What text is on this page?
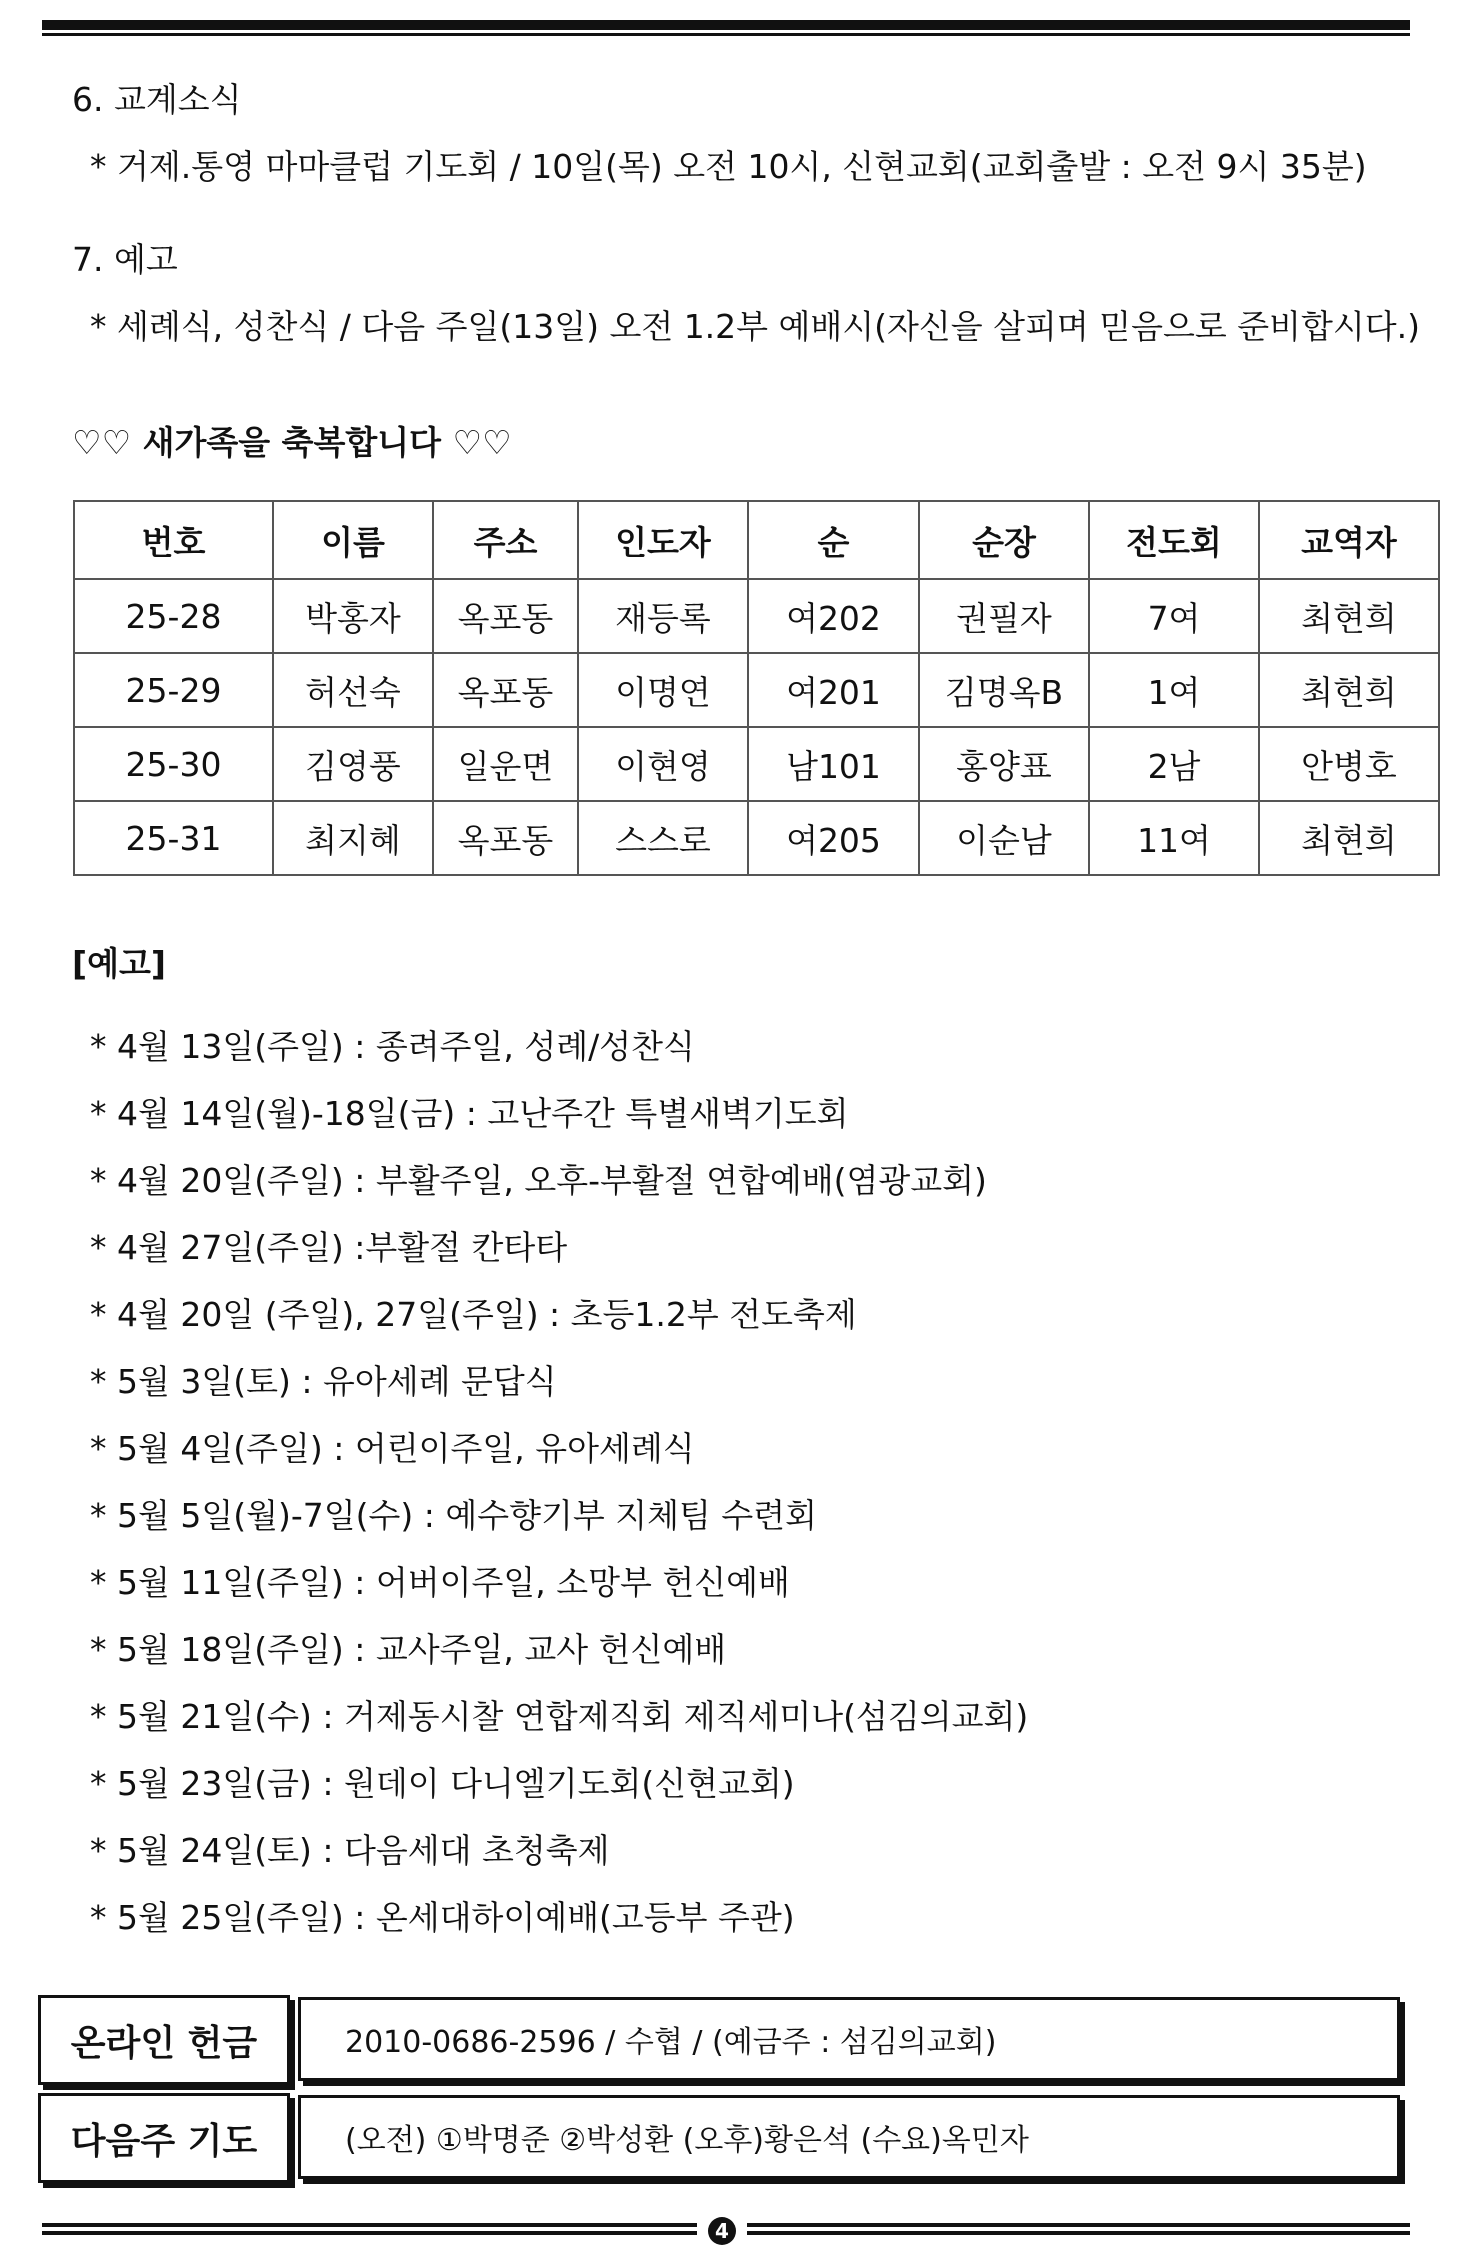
6. 교계소식
* 거제.통영 마마클럽 기도회 / 10일(목) 오전 10시, 신현교회(교회출발 : 오전 9시 35분)
7. 예고
* 세례식, 성찬식 / 다음 주일(13일) 오전 1.2부 예배시(자신을 살피며 믿음으로 준비합시다.)
♡♡ 새가족을 축복합니다 ♡♡
번호	이름	주소	인도자	순	순장	전도회	교역자
25-28	박홍자	옥포동	재등록	여202	권필자	7여	최현희
25-29	허선숙	옥포동	이명연	여201	김명옥B	1여	최현희
25-30	김영풍	일운면	이현영	남101	홍양표	2남	안병호
25-31	최지혜	옥포동	스스로	여205	이순남	11여	최현희
[예고]
* 4월 13일(주일) : 종려주일, 성례/성찬식
* 4월 14일(월)-18일(금) : 고난주간 특별새벽기도회
* 4월 20일(주일) : 부활주일, 오후-부활절 연합예배(염광교회)
* 4월 27일(주일) :부활절 칸타타
* 4월 20일 (주일), 27일(주일) : 초등1.2부 전도축제
* 5월 3일(토) : 유아세례 문답식
* 5월 4일(주일) : 어린이주일, 유아세례식
* 5월 5일(월)-7일(수) : 예수향기부 지체팀 수련회
* 5월 11일(주일) : 어버이주일, 소망부 헌신예배
* 5월 18일(주일) : 교사주일, 교사 헌신예배
* 5월 21일(수) : 거제동시찰 연합제직회 제직세미나(섬김의교회)
* 5월 23일(금) : 원데이 다니엘기도회(신현교회)
* 5월 24일(토) : 다음세대 초청축제
* 5월 25일(주일) : 온세대하이예배(고등부 주관)
온라인 헌금	2010-0686-2596 / 수협 / (예금주 : 섬김의교회)
다음주 기도	(오전) ①박명준 ②박성환 (오후)황은석 (수요)옥민자
4
